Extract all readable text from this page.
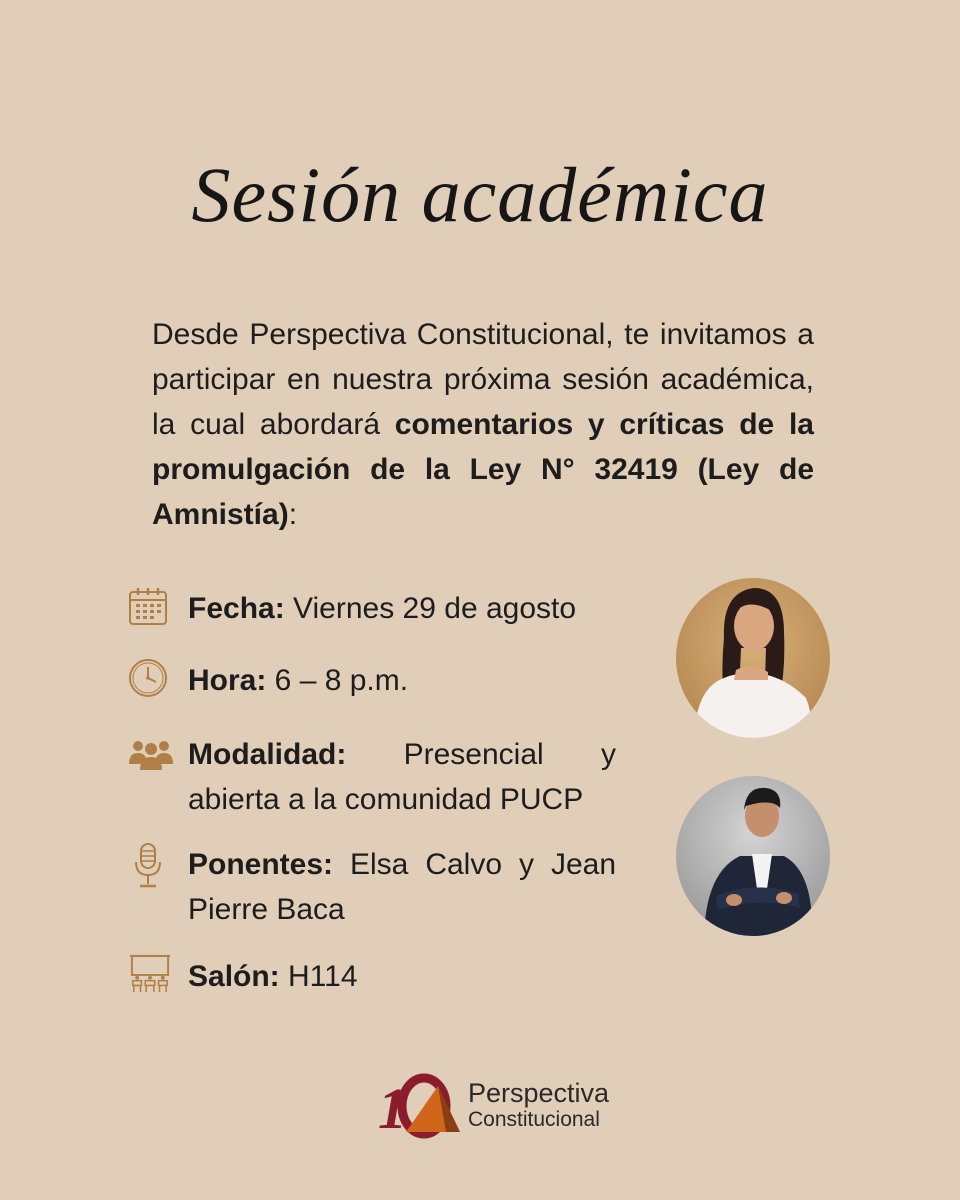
Sesión académica
Desde Perspectiva Constitucional, te invitamos a participar en nuestra próxima sesión académica, la cual abordará comentarios y críticas de la promulgación de la Ley N° 32419 (Ley de Amnistía):
Fecha: Viernes 29 de agosto
Hora: 6 – 8 p.m.
Modalidad: Presencial y abierta a la comunidad PUCP
Ponentes: Elsa Calvo y Jean Pierre Baca
Salón: H114
1 Perspectiva
Constitucional
